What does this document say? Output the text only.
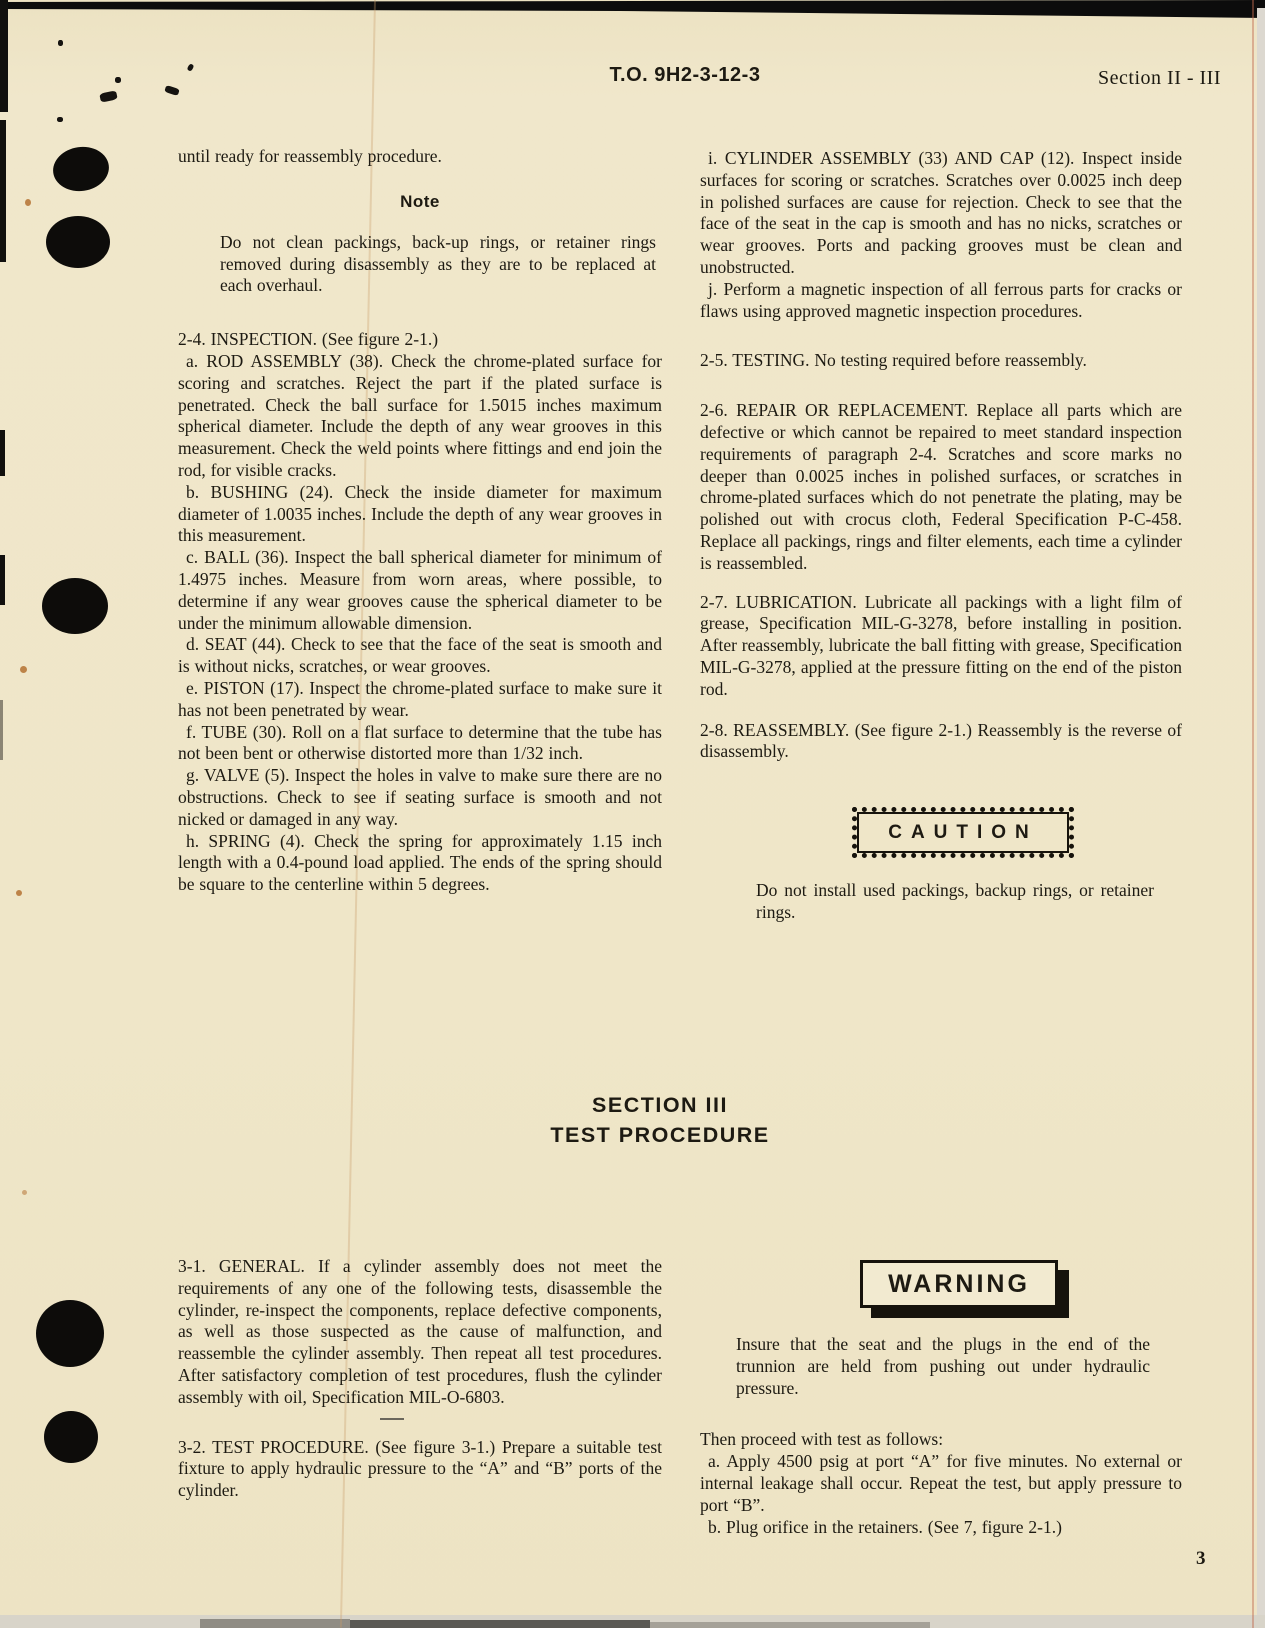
T.O. 9H2-3-12-3	Section II - III

until ready for reassembly procedure.

Note

Do not clean packings, back-up rings, or retainer rings removed during disassembly as they are to be replaced at each overhaul.

2-4. INSPECTION. (See figure 2-1.)

a. ROD ASSEMBLY (38). Check the chrome-plated surface for scoring and scratches. Reject the part if the plated surface is penetrated. Check the ball surface for 1.5015 inches maximum spherical diameter. Include the depth of any wear grooves in this measurement. Check the weld points where fittings and end join the rod, for visible cracks.

b. BUSHING (24). Check the inside diameter for maximum diameter of 1.0035 inches. Include the depth of any wear grooves in this measurement.

c. BALL (36). Inspect the ball spherical diameter for minimum of 1.4975 inches. Measure from worn areas, where possible, to determine if any wear grooves cause the spherical diameter to be under the minimum allowable dimension.

d. SEAT (44). Check to see that the face of the seat is smooth and is without nicks, scratches, or wear grooves.

e. PISTON (17). Inspect the chrome-plated surface to make sure it has not been penetrated by wear.

f. TUBE (30). Roll on a flat surface to determine that the tube has not been bent or otherwise distorted more than 1/32 inch.

g. VALVE (5). Inspect the holes in valve to make sure there are no obstructions. Check to see if seating surface is smooth and not nicked or damaged in any way.

h. SPRING (4). Check the spring for approximately 1.15 inch length with a 0.4-pound load applied. The ends of the spring should be square to the centerline within 5 degrees.

i. CYLINDER ASSEMBLY (33) AND CAP (12). Inspect inside surfaces for scoring or scratches. Scratches over 0.0025 inch deep in polished surfaces are cause for rejection. Check to see that the face of the seat in the cap is smooth and has no nicks, scratches or wear grooves. Ports and packing grooves must be clean and unobstructed.

j. Perform a magnetic inspection of all ferrous parts for cracks or flaws using approved magnetic inspection procedures.

2-5. TESTING. No testing required before reassembly.

2-6. REPAIR OR REPLACEMENT. Replace all parts which are defective or which cannot be repaired to meet standard inspection requirements of paragraph 2-4. Scratches and score marks no deeper than 0.0025 inches in polished surfaces, or scratches in chrome-plated surfaces which do not penetrate the plating, may be polished out with crocus cloth, Federal Specification P-C-458. Replace all packings, rings and filter elements, each time a cylinder is reassembled.

2-7. LUBRICATION. Lubricate all packings with a light film of grease, Specification MIL-G-3278, before installing in position. After reassembly, lubricate the ball fitting with grease, Specification MIL-G-3278, applied at the pressure fitting on the end of the piston rod.

2-8. REASSEMBLY. (See figure 2-1.) Reassembly is the reverse of disassembly.

CAUTION

Do not install used packings, backup rings, or retainer rings.

SECTION III
TEST PROCEDURE

3-1. GENERAL. If a cylinder assembly does not meet the requirements of any one of the following tests, disassemble the cylinder, re-inspect the components, replace defective components, as well as those suspected as the cause of malfunction, and reassemble the cylinder assembly. Then repeat all test procedures. After satisfactory completion of test procedures, flush the cylinder assembly with oil, Specification MIL-O-6803.

3-2. TEST PROCEDURE. (See figure 3-1.) Prepare a suitable test fixture to apply hydraulic pressure to the “A” and “B” ports of the cylinder.

WARNING

Insure that the seat and the plugs in the end of the trunnion are held from pushing out under hydraulic pressure.

Then proceed with test as follows:

a. Apply 4500 psig at port “A” for five minutes. No external or internal leakage shall occur. Repeat the test, but apply pressure to port “B”.

b. Plug orifice in the retainers. (See 7, figure 2-1.)

3
